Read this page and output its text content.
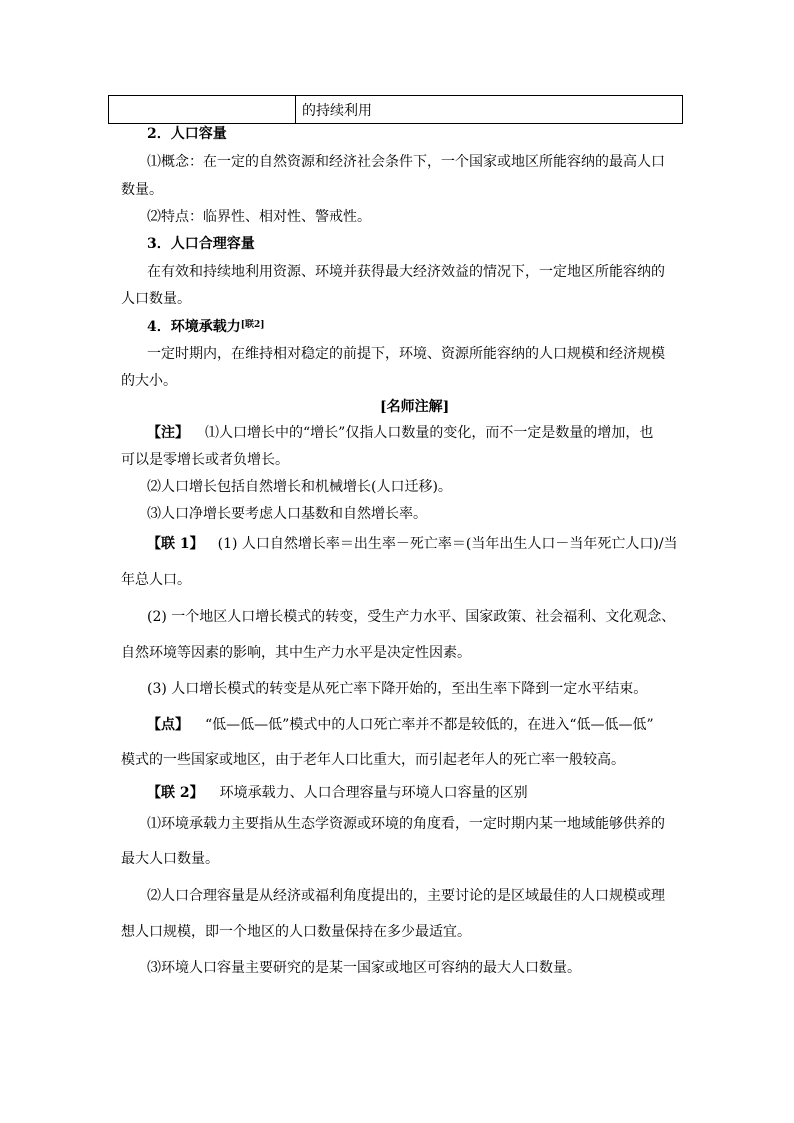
的持续利用
2．人口容量
⑴概念：在一定的自然资源和经济社会条件下，一个国家或地区所能容纳的最高人口
数量。
⑵特点：临界性、相对性、警戒性。
3．人口合理容量
在有效和持续地利用资源、环境并获得最大经济效益的情况下，一定地区所能容纳的
人口数量。
4．环境承载力[联2]
一定时期内，在维持相对稳定的前提下，环境、资源所能容纳的人口规模和经济规模
的大小。
[名师注解]
【注】 ⑴人口增长中的“增长”仅指人口数量的变化，而不一定是数量的增加，也
可以是零增长或者负增长。
⑵人口增长包括自然增长和机械增长(人口迁移)。
⑶人口净增长要考虑人口基数和自然增长率。
【联 1】 (1) 人口自然增长率＝出生率－死亡率＝(当年出生人口－当年死亡人口)/当
年总人口。
(2) 一个地区人口增长模式的转变，受生产力水平、国家政策、社会福利、文化观念、
自然环境等因素的影响，其中生产力水平是决定性因素。
(3) 人口增长模式的转变是从死亡率下降开始的，至出生率下降到一定水平结束。
【点】 “低—低—低”模式中的人口死亡率并不都是较低的，在进入“低—低—低”
模式的一些国家或地区，由于老年人口比重大，而引起老年人的死亡率一般较高。
【联 2】 环境承载力、人口合理容量与环境人口容量的区别
⑴环境承载力主要指从生态学资源或环境的角度看，一定时期内某一地域能够供养的
最大人口数量。
⑵人口合理容量是从经济或福利角度提出的，主要讨论的是区域最佳的人口规模或理
想人口规模，即一个地区的人口数量保持在多少最适宜。
⑶环境人口容量主要研究的是某一国家或地区可容纳的最大人口数量。
